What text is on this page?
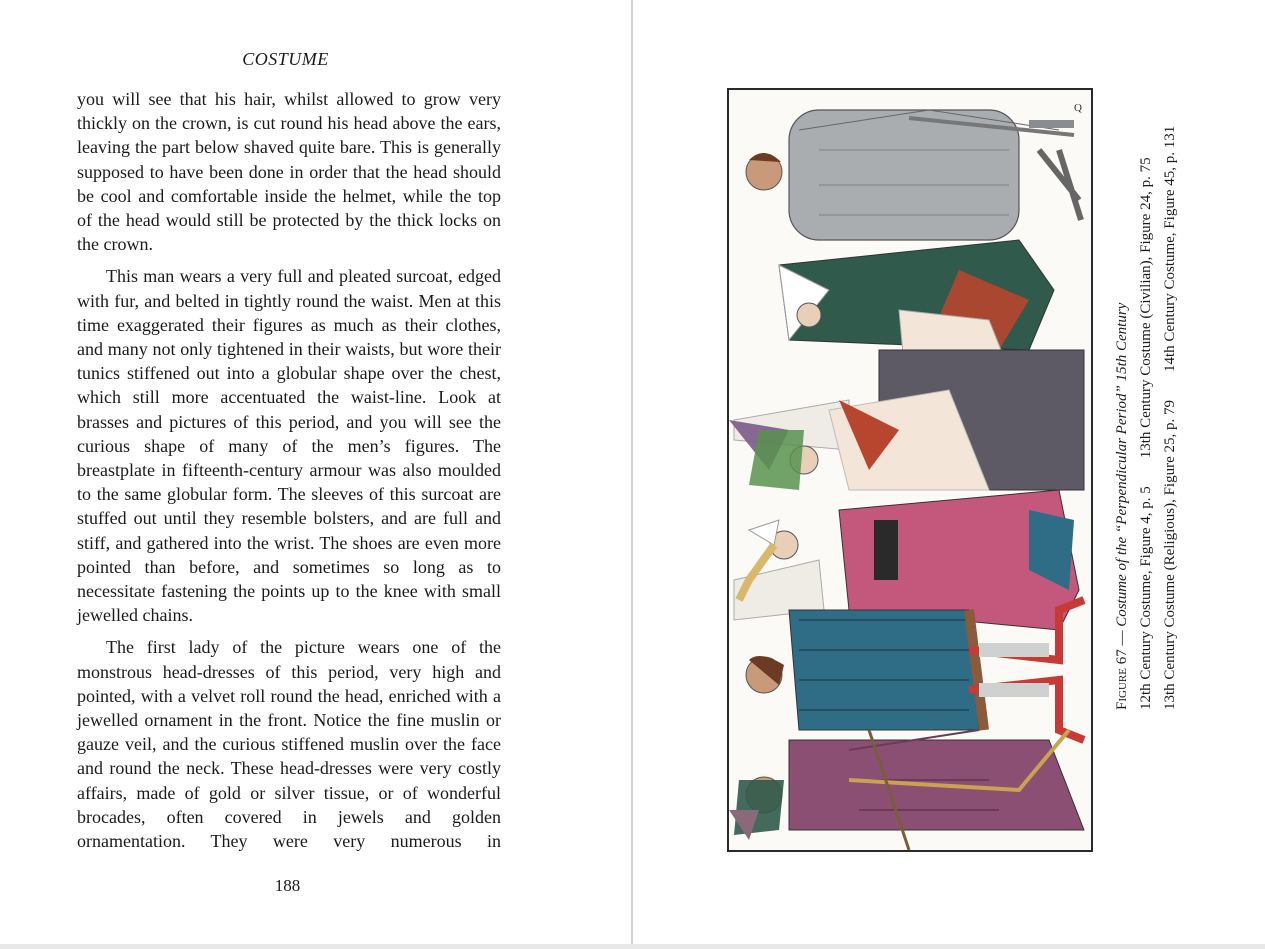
COSTUME

you will see that his hair, whilst allowed to grow very thickly on the crown, is cut round his head above the ears, leaving the part below shaved quite bare. This is generally supposed to have been done in order that the head should be cool and comfortable inside the helmet, while the top of the head would still be protected by the thick locks on the crown.

This man wears a very full and pleated surcoat, edged with fur, and belted in tightly round the waist. Men at this time exaggerated their figures as much as their clothes, and many not only tightened in their waists, but wore their tunics stiffened out into a globular shape over the chest, which still more accentuated the waist-line. Look at brasses and pictures of this period, and you will see the curious shape of many of the men’s figures. The breastplate in fifteenth-century armour was also moulded to the same globular form. The sleeves of this surcoat are stuffed out until they resemble bolsters, and are full and stiff, and gathered into the wrist. The shoes are even more pointed than before, and sometimes so long as to necessitate fastening the points up to the knee with small jewelled chains.

The first lady of the picture wears one of the monstrous head-dresses of this period, very high and pointed, with a velvet roll round the head, enriched with a jewelled ornament in the front. Notice the fine muslin or gauze veil, and the curious stiffened muslin over the face and round the neck. These head-dresses were very costly affairs, made of gold or silver tissue, or of wonderful brocades, often covered in jewels and golden ornamentation. They were very numerous in

188
Q
Figure 67 — Costume of the “Perpendicular Period” 15th Century 12th Century Costume, Figure 4, p. 5
13th Century Costume (Civilian), Figure 24, p. 75
13th Century Costume (Religious), Figure 25, p. 79
14th Century Costume, Figure 45, p. 131
